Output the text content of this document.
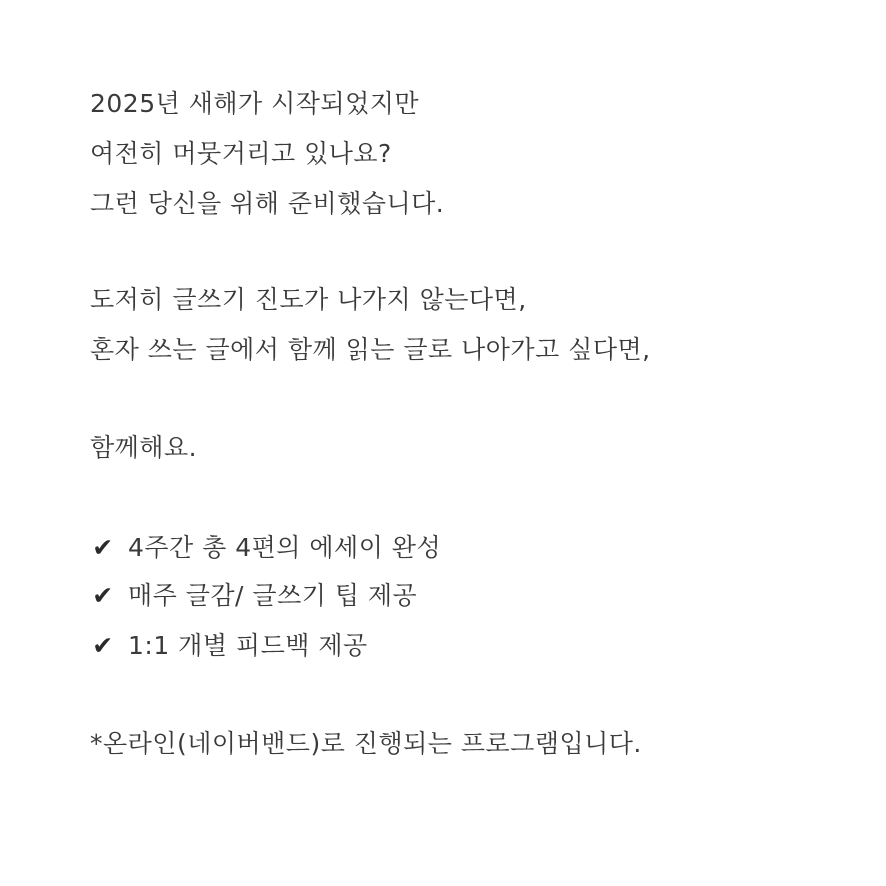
2025년 새해가 시작되었지만
여전히 머뭇거리고 있나요?
그런 당신을 위해 준비했습니다.
도저히 글쓰기 진도가 나가지 않는다면,
혼자 쓰는 글에서 함께 읽는 글로 나아가고 싶다면,
함께해요.
✔ 4주간 총 4편의 에세이 완성
✔ 매주 글감/ 글쓰기 팁 제공
✔ 1:1 개별 피드백 제공
*온라인(네이버밴드)로 진행되는 프로그램입니다.
